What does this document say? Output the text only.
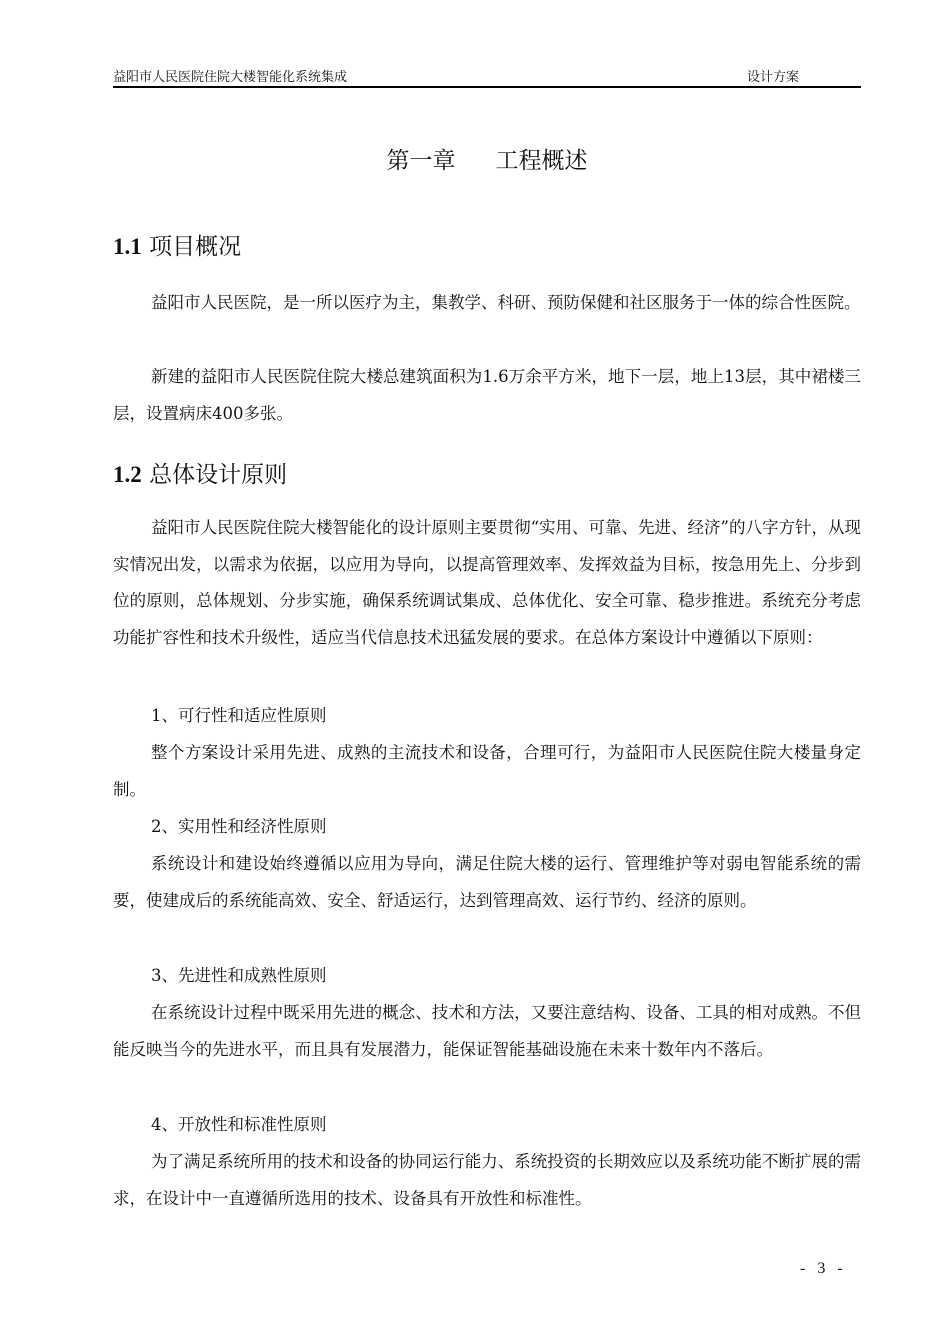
益阳市人民医院住院大楼智能化系统集成	设计方案
第一章 工程概述
1.1 项目概况

益阳市人民医院，是一所以医疗为主，集教学、科研、预防保健和社区服务于一体的综合性医院。

新建的益阳市人民医院住院大楼总建筑面积为1.6万余平方米，地下一层，地上13层，其中裙楼三层，设置病床400多张。

1.2 总体设计原则

益阳市人民医院住院大楼智能化的设计原则主要贯彻“实用、可靠、先进、经济”的八字方针，从现实情况出发，以需求为依据，以应用为导向，以提高管理效率、发挥效益为目标，按急用先上、分步到位的原则，总体规划、分步实施，确保系统调试集成、总体优化、安全可靠、稳步推进。系统充分考虑功能扩容性和技术升级性，适应当代信息技术迅猛发展的要求。在总体方案设计中遵循以下原则：

1、可行性和适应性原则

整个方案设计采用先进、成熟的主流技术和设备，合理可行，为益阳市人民医院住院大楼量身定制。

2、实用性和经济性原则

系统设计和建设始终遵循以应用为导向，满足住院大楼的运行、管理维护等对弱电智能系统的需要，使建成后的系统能高效、安全、舒适运行，达到管理高效、运行节约、经济的原则。

3、先进性和成熟性原则

在系统设计过程中既采用先进的概念、技术和方法，又要注意结构、设备、工具的相对成熟。不但能反映当今的先进水平，而且具有发展潜力，能保证智能基础设施在未来十数年内不落后。

4、开放性和标准性原则

为了满足系统所用的技术和设备的协同运行能力、系统投资的长期效应以及系统功能不断扩展的需求，在设计中一直遵循所选用的技术、设备具有开放性和标准性。

- 3 -
